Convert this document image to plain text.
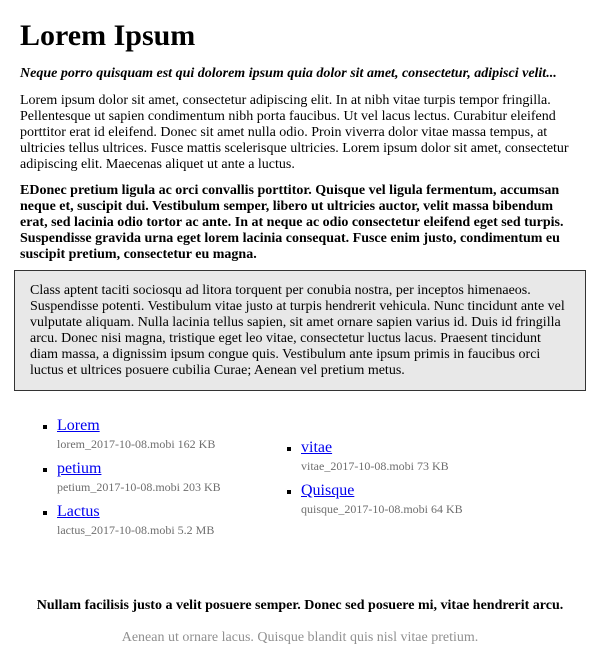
Lorem Ipsum

Neque porro quisquam est qui dolorem ipsum quia dolor sit amet, consectetur, adipisci velit...

Lorem ipsum dolor sit amet, consectetur adipiscing elit. In at nibh vitae turpis tempor fringilla. Pellentesque ut sapien condimentum nibh porta faucibus. Ut vel lacus lectus. Curabitur eleifend porttitor erat id eleifend. Donec sit amet nulla odio. Proin viverra dolor vitae massa tempus, at ultricies tellus ultrices. Fusce mattis scelerisque ultricies. Lorem ipsum dolor sit amet, consectetur adipiscing elit. Maecenas aliquet ut ante a luctus.

EDonec pretium ligula ac orci convallis porttitor. Quisque vel ligula fermentum, accumsan neque et, suscipit dui. Vestibulum semper, libero ut ultricies auctor, velit massa bibendum erat, sed lacinia odio tortor ac ante. In at neque ac odio consectetur eleifend eget sed turpis. Suspendisse gravida urna eget lorem lacinia consequat. Fusce enim justo, condimentum eu suscipit pretium, consectetur eu magna.

Class aptent taciti sociosqu ad litora torquent per conubia nostra, per inceptos himenaeos. Suspendisse potenti. Vestibulum vitae justo at turpis hendrerit vehicula. Nunc tincidunt ante vel vulputate aliquam. Nulla lacinia tellus sapien, sit amet ornare sapien varius id. Duis id fringilla arcu. Donec nisi magna, tristique eget leo vitae, consectetur luctus lacus. Praesent tincidunt diam massa, a dignissim ipsum congue quis. Vestibulum ante ipsum primis in faucibus orci luctus et ultrices posuere cubilia Curae; Aenean vel pretium metus.
▪ Lorem
lorem_2017-10-08.mobi 162 KB
▪ petium
petium_2017-10-08.mobi 203 KB
▪ Lactus
lactus_2017-10-08.mobi 5.2 MB
▪ vitae
vitae_2017-10-08.mobi 73 KB
▪ Quisque
quisque_2017-10-08.mobi 64 KB

Nullam facilisis justo a velit posuere semper. Donec sed posuere mi, vitae hendrerit arcu.

Aenean ut ornare lacus. Quisque blandit quis nisl vitae pretium.
